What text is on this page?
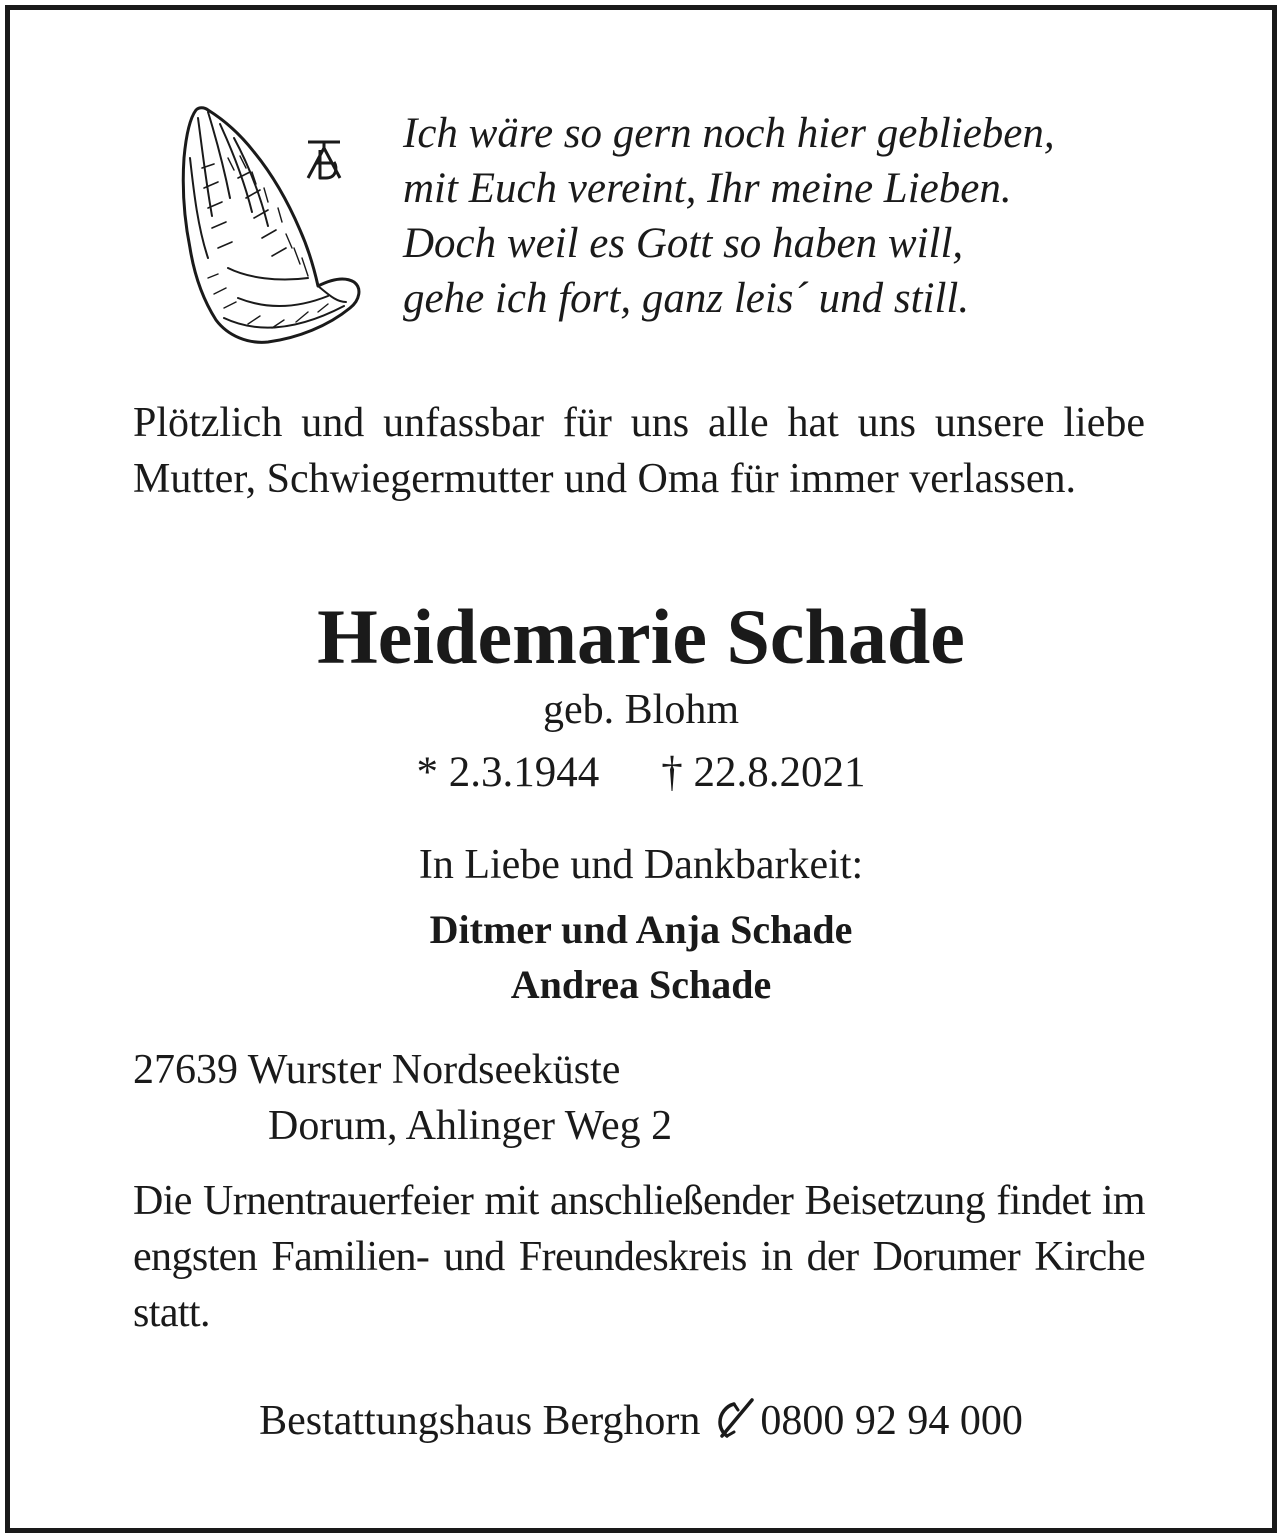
Ich wäre so gern noch hier geblieben,
mit Euch vereint, Ihr meine Lieben.
Doch weil es Gott so haben will,
gehe ich fort, ganz leis´ und still.
Plötzlich und unfassbar für uns alle hat uns unsere liebe Mutter, Schwiegermutter und Oma für immer verlassen.
Heidemarie Schade
geb. Blohm
* 2.3.1944 † 22.8.2021
In Liebe und Dankbarkeit:
Ditmer und Anja Schade
Andrea Schade
27639 Wurster Nordseeküste
Dorum, Ahlinger Weg 2
Die Urnentrauerfeier mit anschließender Beisetzung findet im engsten Familien- und Freundeskreis in der Dorumer Kirche statt.
Bestattungshaus Berghorn 0800 92 94 000
